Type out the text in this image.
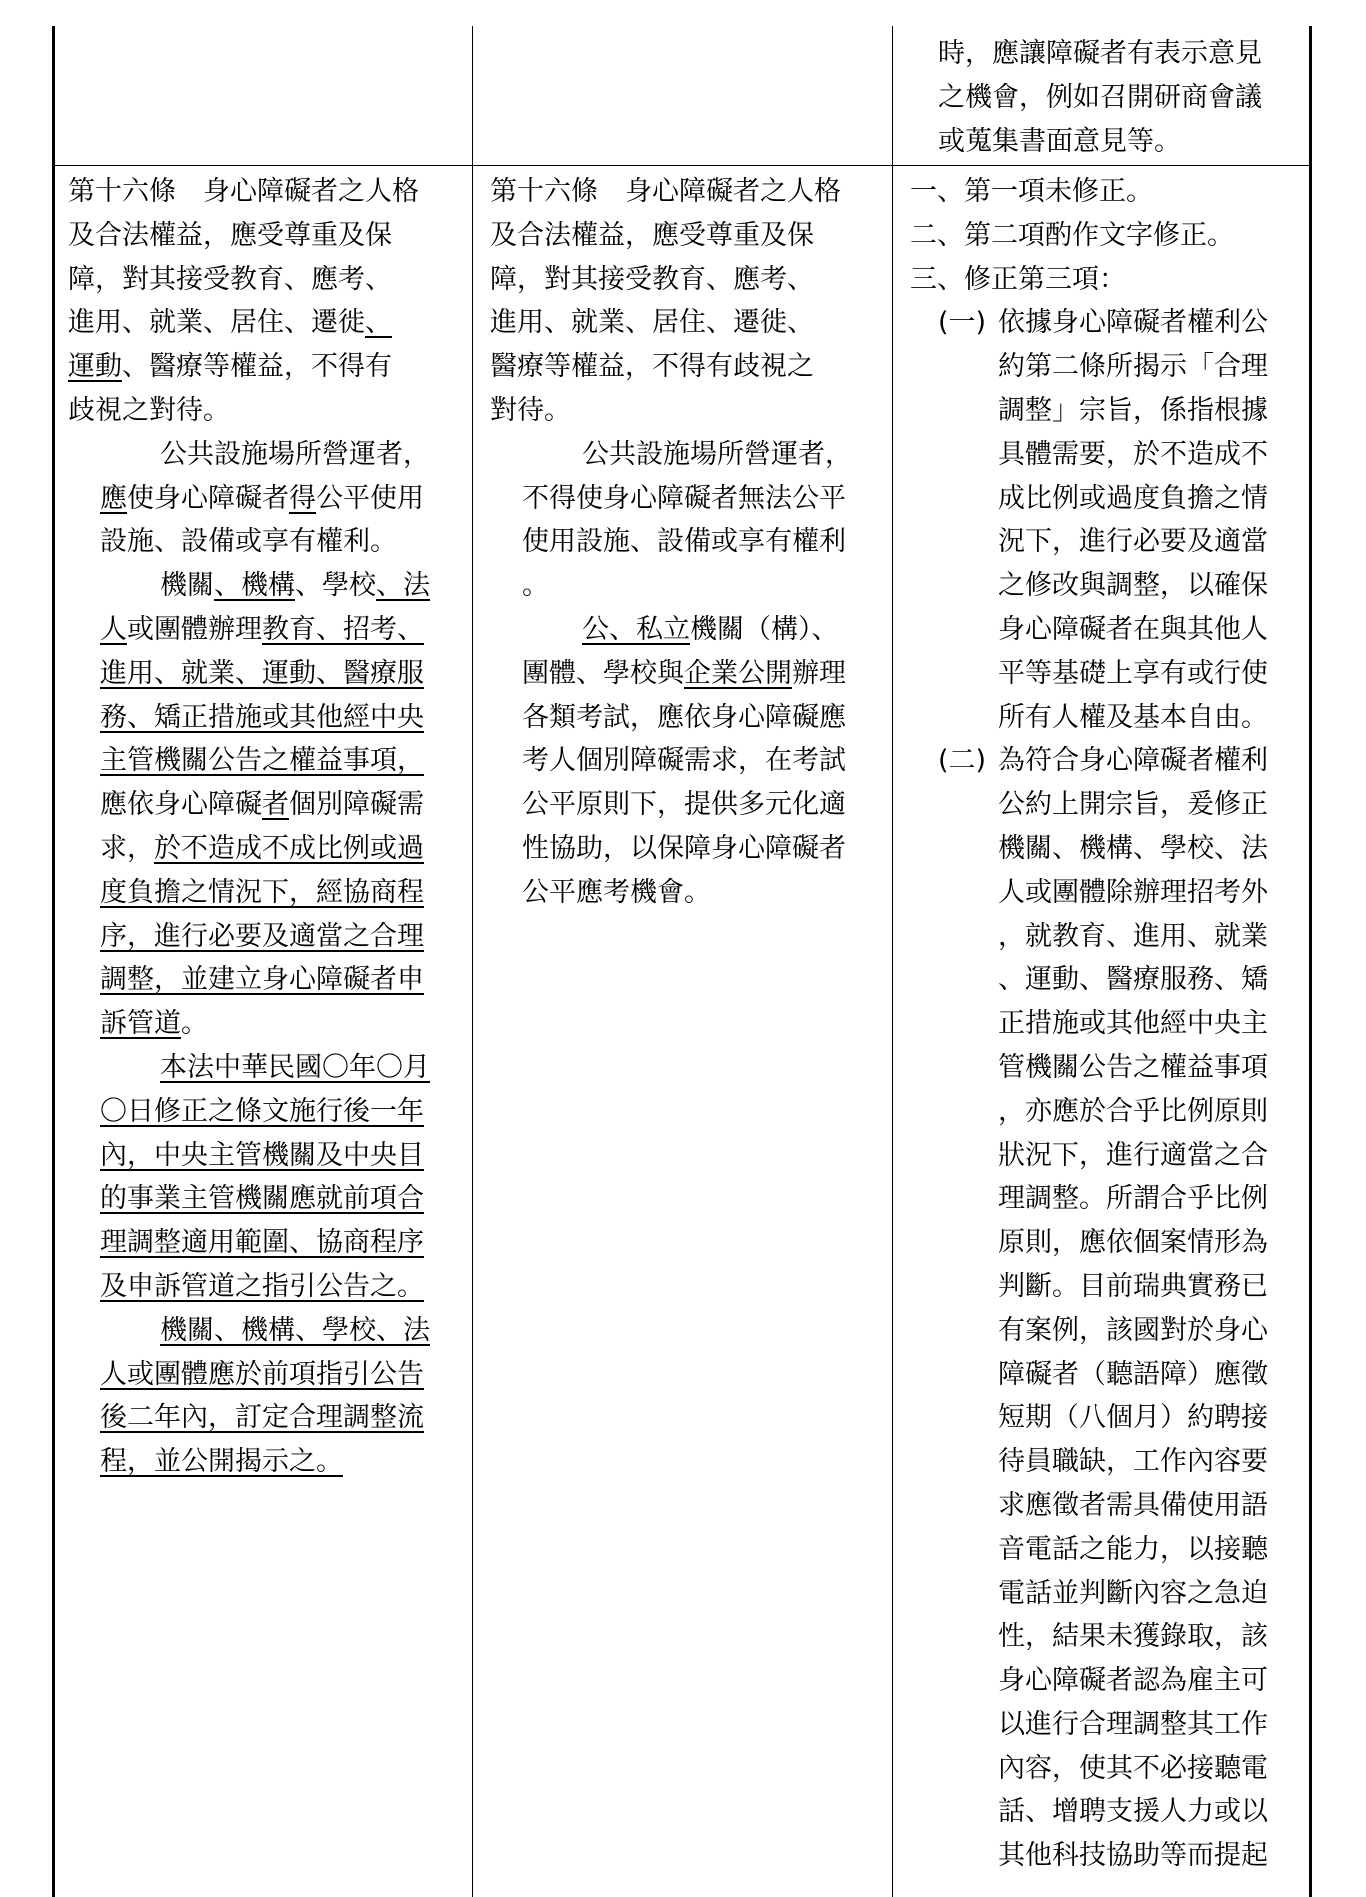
時，應讓障礙者有表示意見
之機會，例如召開研商會議
或蒐集書面意見等。
第十六條　身心障礙者之人格
及合法權益，應受尊重及保
障，對其接受教育、應考、
進用、就業、居住、遷徙、
運動、醫療等權益，不得有
歧視之對待。
公共設施場所營運者，
應使身心障礙者得公平使用
設施、設備或享有權利。
機關、機構、學校、法
人或團體辦理教育、招考、
進用、就業、運動、醫療服
務、矯正措施或其他經中央
主管機關公告之權益事項，
應依身心障礙者個別障礙需
求，於不造成不成比例或過
度負擔之情況下，經協商程
序，進行必要及適當之合理
調整，並建立身心障礙者申
訴管道。
本法中華民國〇年〇月
〇日修正之條文施行後一年
內，中央主管機關及中央目
的事業主管機關應就前項合
理調整適用範圍、協商程序
及申訴管道之指引公告之。
機關、機構、學校、法
人或團體應於前項指引公告
後二年內，訂定合理調整流
程，並公開揭示之。
第十六條　身心障礙者之人格
及合法權益，應受尊重及保
障，對其接受教育、應考、
進用、就業、居住、遷徙、
醫療等權益，不得有歧視之
對待。
公共設施場所營運者，
不得使身心障礙者無法公平
使用設施、設備或享有權利
。
公、私立機關（構）、
團體、學校與企業公開辦理
各類考試，應依身心障礙應
考人個別障礙需求，在考試
公平原則下，提供多元化適
性協助，以保障身心障礙者
公平應考機會。
一、第一項未修正。
二、第二項酌作文字修正。
三、修正第三項：
(一) 依據身心障礙者權利公
約第二條所揭示「合理
調整」宗旨，係指根據
具體需要，於不造成不
成比例或過度負擔之情
況下，進行必要及適當
之修改與調整，以確保
身心障礙者在與其他人
平等基礎上享有或行使
所有人權及基本自由。
(二) 為符合身心障礙者權利
公約上開宗旨，爰修正
機關、機構、學校、法
人或團體除辦理招考外
，就教育、進用、就業
、運動、醫療服務、矯
正措施或其他經中央主
管機關公告之權益事項
，亦應於合乎比例原則
狀況下，進行適當之合
理調整。所謂合乎比例
原則，應依個案情形為
判斷。目前瑞典實務已
有案例，該國對於身心
障礙者（聽語障）應徵
短期（八個月）約聘接
待員職缺，工作內容要
求應徵者需具備使用語
音電話之能力，以接聽
電話並判斷內容之急迫
性，結果未獲錄取，該
身心障礙者認為雇主可
以進行合理調整其工作
內容，使其不必接聽電
話、增聘支援人力或以
其他科技協助等而提起
